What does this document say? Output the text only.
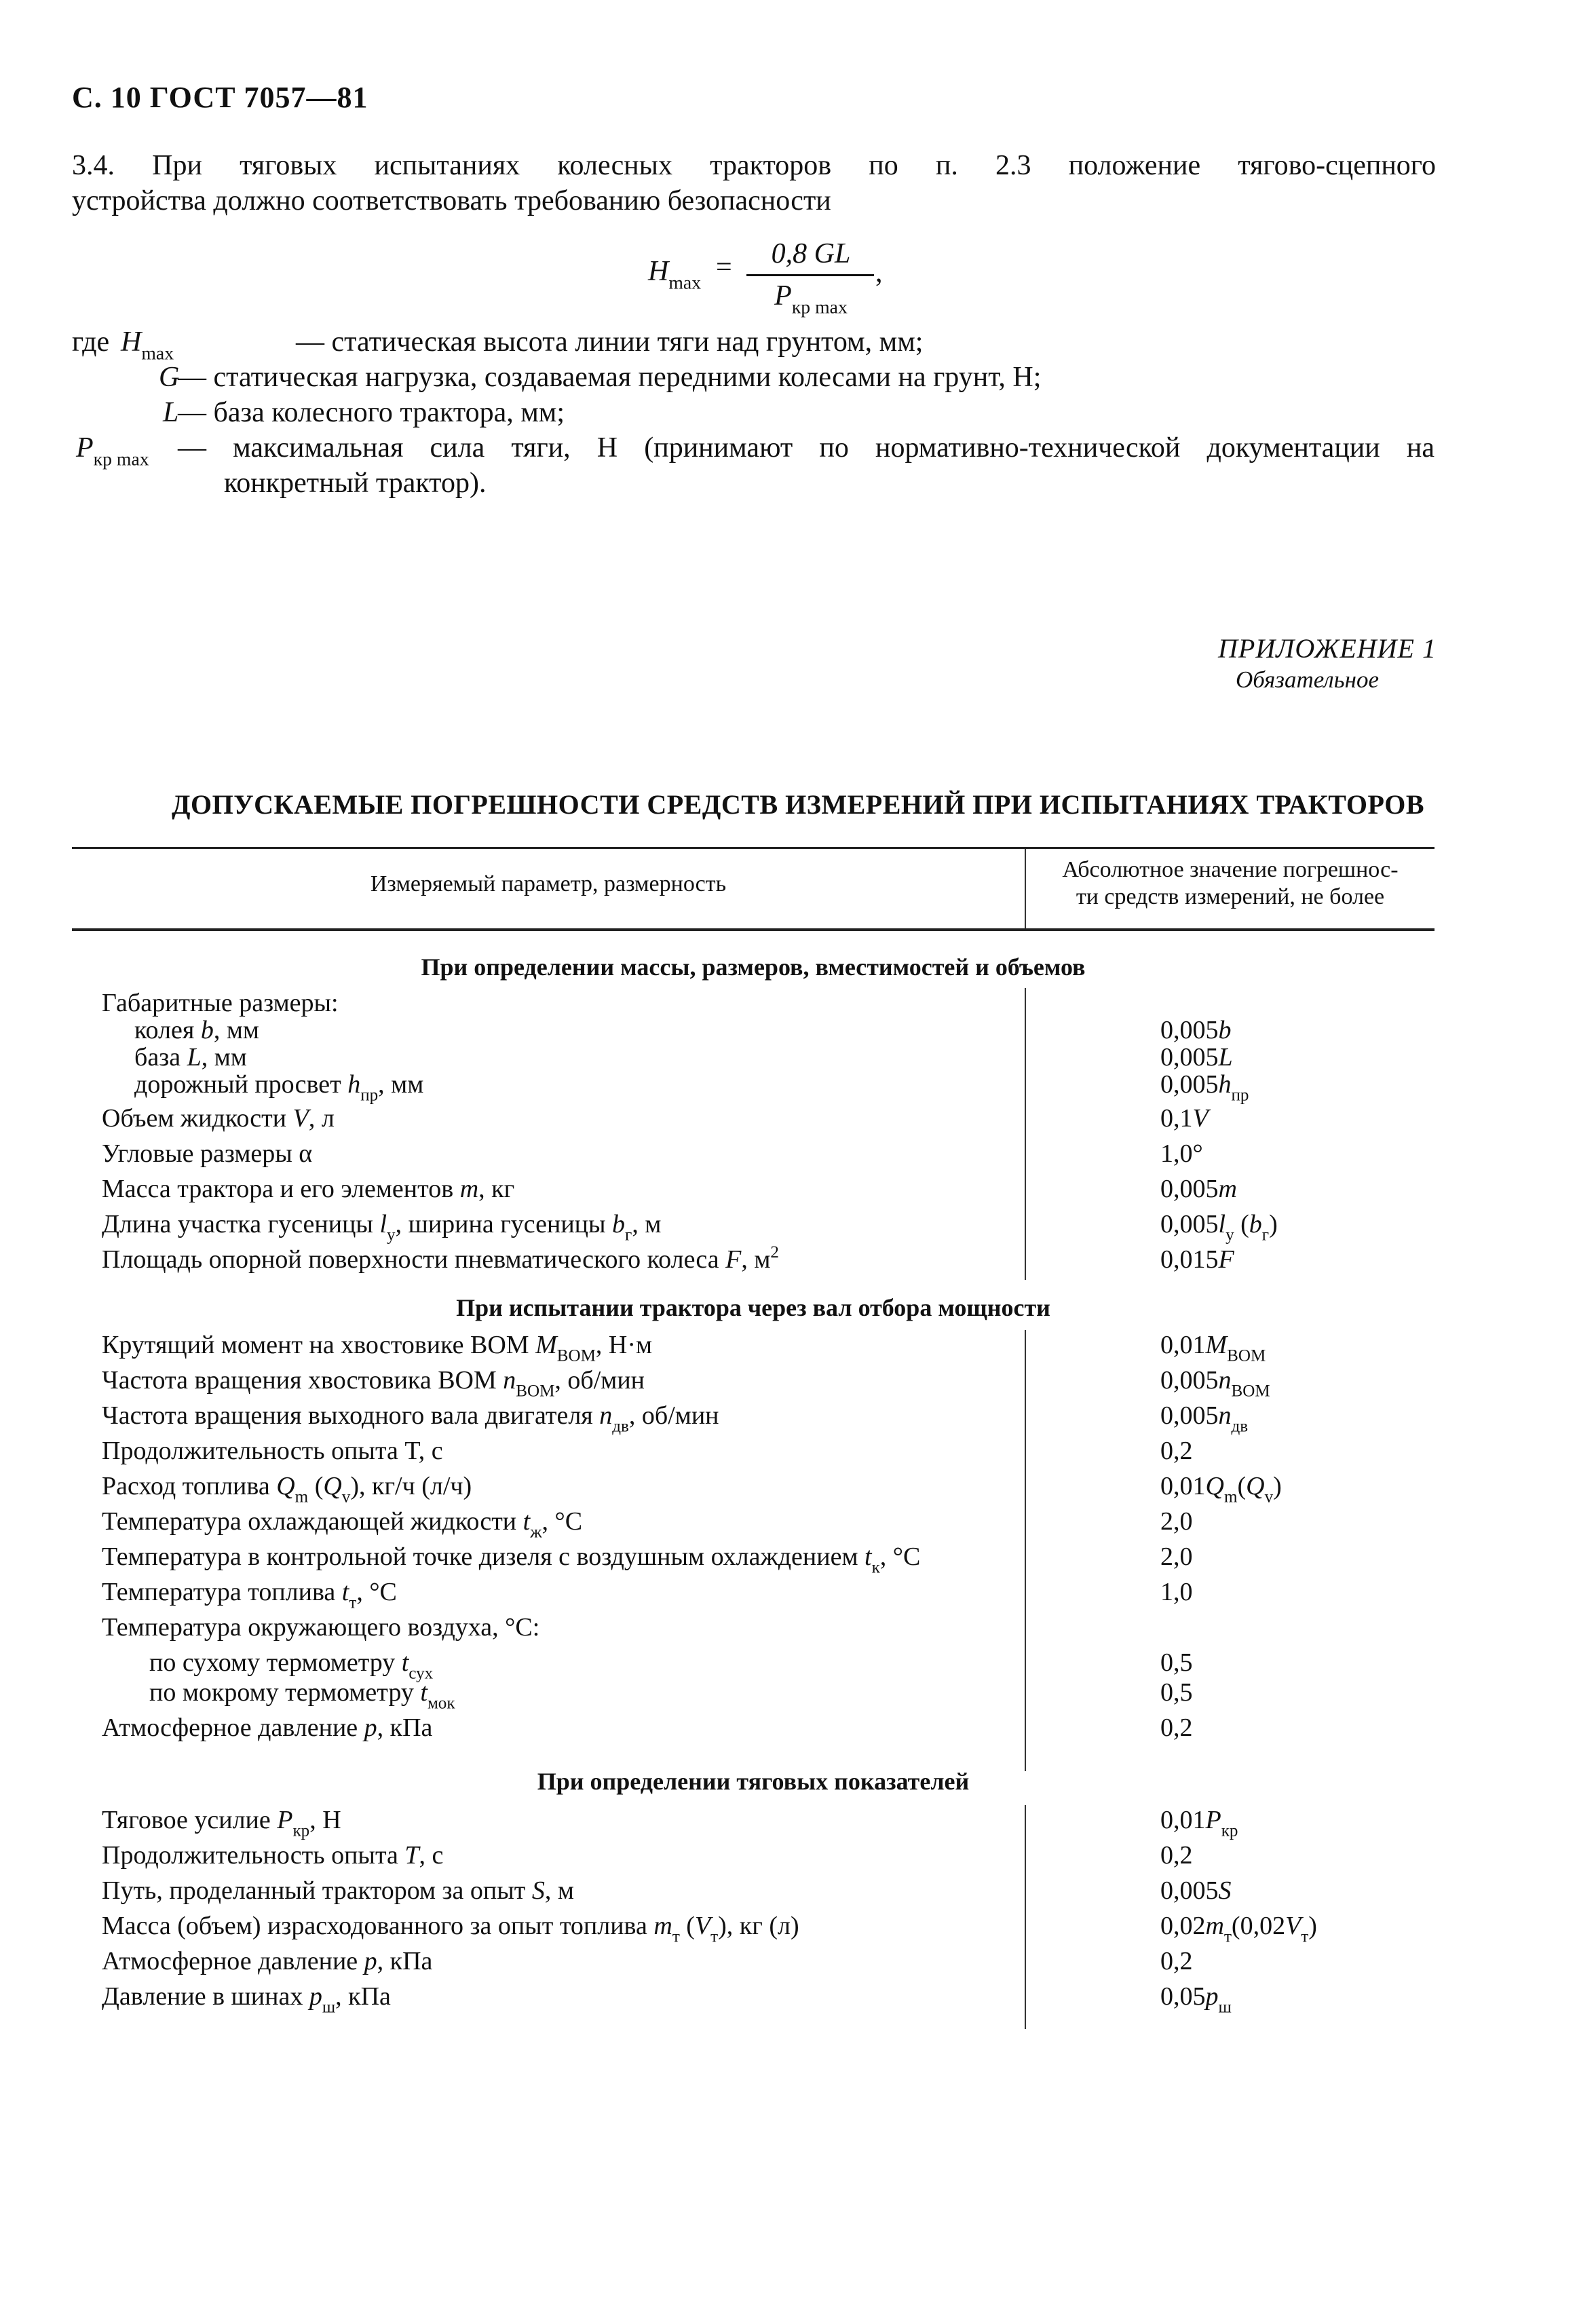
С. 10 ГОСТ 7057—81
3.4. При тяговых испытаниях колесных тракторов по п. 2.3 положение тягово-сцепного
устройства должно соответствовать требованию безопасности
$H_{max}$ =	0,8 GL
$P_{кр max}$
,
где $H_{max}$	— статическая высота линии тяги над грунтом, мм;
G
— статическая нагрузка, создаваемая передними колесами на грунт, Н;
L
— база колесного трактора, мм;
$P_{кр max}$ — максимальная сила тяги, Н (принимают по нормативно-технической документации на
конкретный трактор).
ПРИЛОЖЕНИЕ 1
Обязательное
ДОПУСКАЕМЫЕ ПОГРЕШНОСТИ СРЕДСТВ ИЗМЕРЕНИЙ ПРИ ИСПЫТАНИЯХ ТРАКТОРОВ
Измеряемый параметр, размерность
Абсолютное значение погрешнос-
ти средств измерений, не более
При определении массы, размеров, вместимостей и объемов
Габаритные размеры:
колея b, мм	0,005b
база L, мм	0,005L
дорожный просвет $h_{пр}$, мм	$0,005h_{пр}$
Объем жидкости V, л	0,1V
Угловые размеры α	1,0°
Масса трактора и его элементов m, кг	0,005m
Длина участка гусеницы $l_у$, ширина гусеницы $b_г$, м	$0,005l_у$ $(b_г)$
Площадь опорной поверхности пневматического колеса F, $м^2$	0,015F
При испытании трактора через вал отбора мощности
Крутящий момент на хвостовике ВОМ $M_{ВОМ}$, Н·м	$0,01M_{ВОМ}$
Частота вращения хвостовика ВОМ $n_{ВОМ}$, об/мин	$0,005n_{ВОМ}$
Частота вращения выходного вала двигателя $n_{дв}$, об/мин	$0,005n_{дв}$
Продолжительность опыта T, с	0,2
Расход топлива $Q_m$ $(Q_v)$, кг/ч (л/ч)	$0,01Q_m(Q_v)$
Температура охлаждающей жидкости $t_ж$, °С	2,0
Температура в контрольной точке дизеля с воздушным охлаждением $t_к$, °С	2,0
Температура топлива $t_т$, °С	1,0
Температура окружающего воздуха, °С:
по сухому термометру $t_{сух}$	0,5
по мокрому термометру $t_{мок}$	0,5
Атмосферное давление p, кПа	0,2
При определении тяговых показателей
Тяговое усилие $P_{кр}$, Н	$0,01P_{кр}$
Продолжительность опыта T, с	0,2
Путь, проделанный трактором за опыт S, м	0,005S
Масса (объем) израсходованного за опыт топлива $m_т$ $(V_т)$, кг (л)	$0,02m_т(0,02V_т)$
Атмосферное давление p, кПа	0,2
Давление в шинах $p_ш$, кПа	$0,05p_ш$
